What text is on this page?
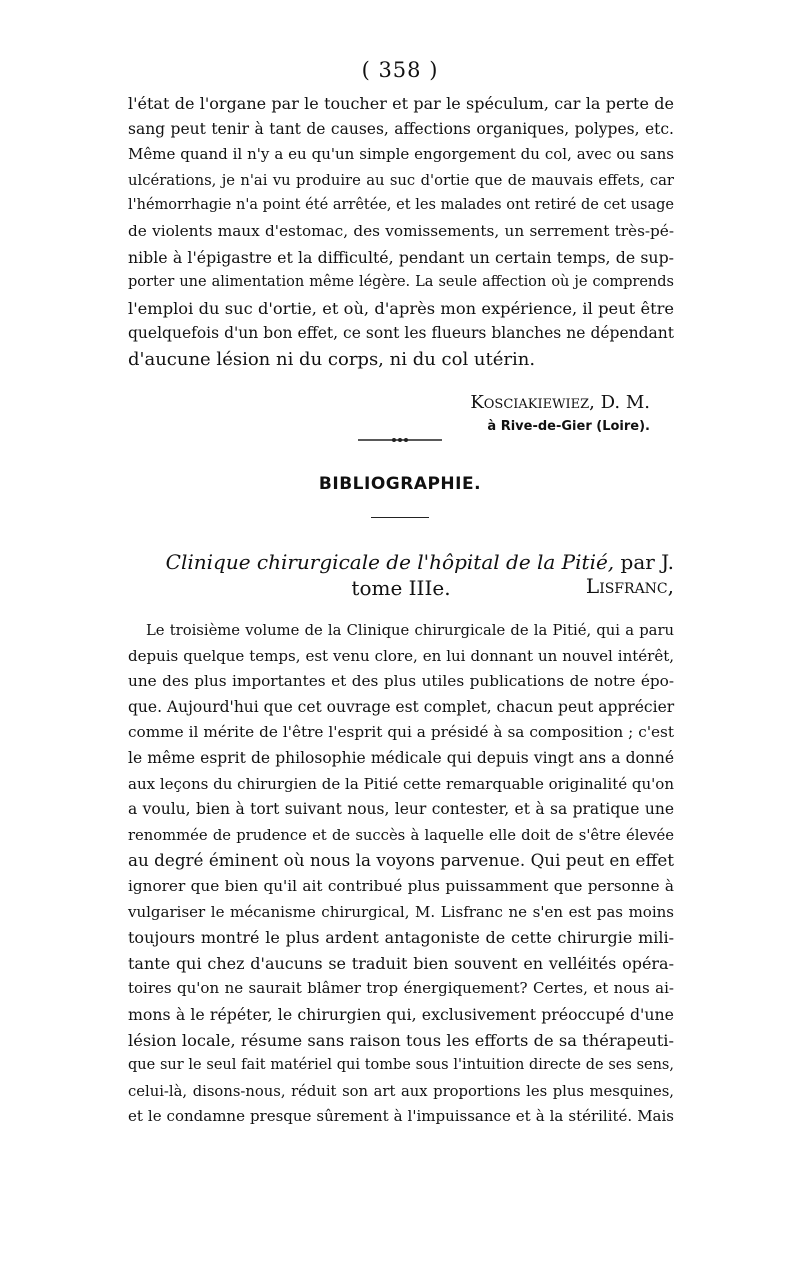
( 358 )
l'état de l'organe par le toucher et par le spéculum, car la perte de
sang peut tenir à tant de causes, affections organiques, polypes, etc.
Même quand il n'y a eu qu'un simple engorgement du col, avec ou sans
ulcérations, je n'ai vu produire au suc d'ortie que de mauvais effets, car
l'hémorrhagie n'a point été arrêtée, et les malades ont retiré de cet usage
de violents maux d'estomac, des vomissements, un serrement très-pé-
nible à l'épigastre et la difficulté, pendant un certain temps, de sup-
porter une alimentation même légère. La seule affection où je comprends
l'emploi du suc d'ortie, et où, d'après mon expérience, il peut être
quelquefois d'un bon effet, ce sont les flueurs blanches ne dépendant
d'aucune lésion ni du corps, ni du col utérin.
Kosciakiewiez, D. M.
à Rive-de-Gier (Loire).
BIBLIOGRAPHIE.
Clinique chirurgicale de l'hôpital de la Pitié, par J. Lisfranc,
tome IIIe.
Le troisième volume de la Clinique chirurgicale de la Pitié, qui a paru
depuis quelque temps, est venu clore, en lui donnant un nouvel intérêt,
une des plus importantes et des plus utiles publications de notre épo-
que. Aujourd'hui que cet ouvrage est complet, chacun peut apprécier
comme il mérite de l'être l'esprit qui a présidé à sa composition ; c'est
le même esprit de philosophie médicale qui depuis vingt ans a donné
aux leçons du chirurgien de la Pitié cette remarquable originalité qu'on
a voulu, bien à tort suivant nous, leur contester, et à sa pratique une
renommée de prudence et de succès à laquelle elle doit de s'être élevée
au degré éminent où nous la voyons parvenue. Qui peut en effet
ignorer que bien qu'il ait contribué plus puissamment que personne à
vulgariser le mécanisme chirurgical, M. Lisfranc ne s'en est pas moins
toujours montré le plus ardent antagoniste de cette chirurgie mili-
tante qui chez d'aucuns se traduit bien souvent en velléités opéra-
toires qu'on ne saurait blâmer trop énergiquement? Certes, et nous ai-
mons à le répéter, le chirurgien qui, exclusivement préoccupé d'une
lésion locale, résume sans raison tous les efforts de sa thérapeuti-
que sur le seul fait matériel qui tombe sous l'intuition directe de ses sens,
celui-là, disons-nous, réduit son art aux proportions les plus mesquines,
et le condamne presque sûrement à l'impuissance et à la stérilité. Mais
